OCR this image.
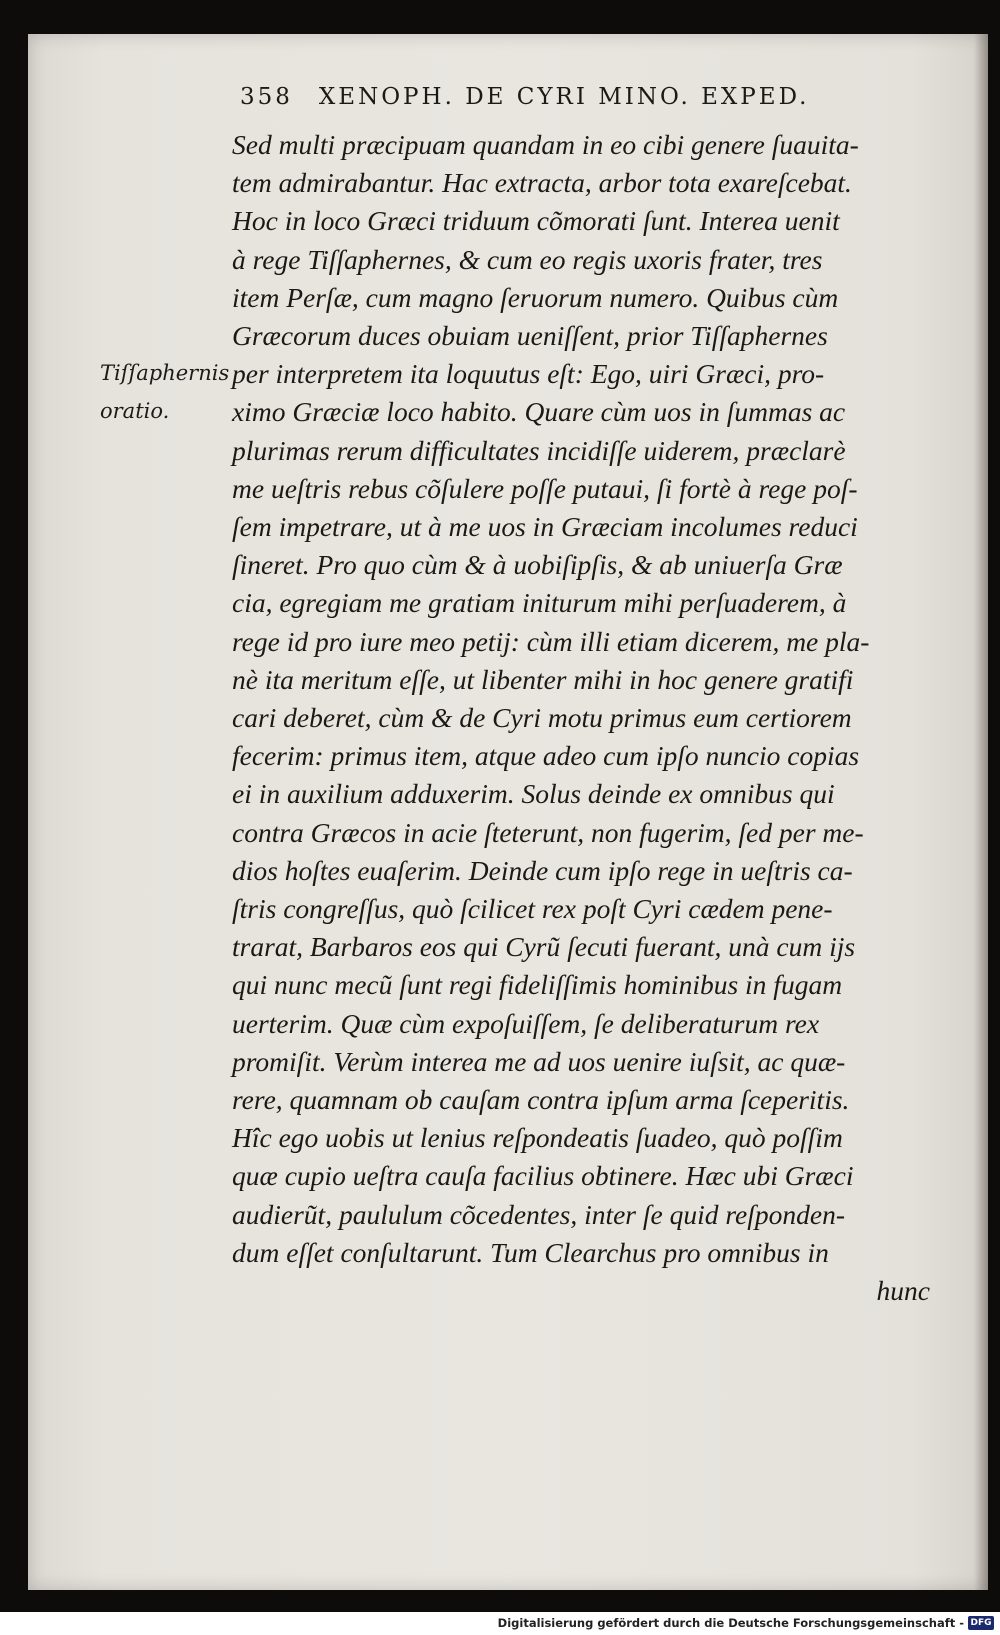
358 XENOPH. DE CYRI MINO. EXPED.
Tiſſaphernis
oratio.
Sed multi præcipuam quandam in eo cibi genere ſuauita-
tem admirabantur. Hac extracta, arbor tota exareſcebat.
Hoc in loco Græci triduum cõmorati ſunt. Interea uenit
à rege Tiſſaphernes, & cum eo regis uxoris frater, tres
item Perſæ, cum magno ſeruorum numero. Quibus cùm
Græcorum duces obuiam ueniſſent, prior Tiſſaphernes
per interpretem ita loquutus eſt: Ego, uiri Græci, pro-
ximo Græciæ loco habito. Quare cùm uos in ſummas ac
plurimas rerum difficultates incidiſſe uiderem, præclarè
me ueſtris rebus cõſulere poſſe putaui, ſi fortè à rege poſ-
ſem impetrare, ut à me uos in Græciam incolumes reduci
ſineret. Pro quo cùm & à uobiſipſis, & ab uniuerſa Græ
cia, egregiam me gratiam initurum mihi perſuaderem, à
rege id pro iure meo petij: cùm illi etiam dicerem, me pla-
nè ita meritum eſſe, ut libenter mihi in hoc genere gratifi
cari deberet, cùm & de Cyri motu primus eum certiorem
fecerim: primus item, atque adeo cum ipſo nuncio copias
ei in auxilium adduxerim. Solus deinde ex omnibus qui
contra Græcos in acie ſteterunt, non fugerim, ſed per me-
dios hoſtes euaſerim. Deinde cum ipſo rege in ueſtris ca-
ſtris congreſſus, quò ſcilicet rex poſt Cyri cædem pene-
trarat, Barbaros eos qui Cyrũ ſecuti fuerant, unà cum ijs
qui nunc mecũ ſunt regi fideliſſimis hominibus in fugam
uerterim. Quæ cùm expoſuiſſem, ſe deliberaturum rex
promiſit. Verùm interea me ad uos uenire iuſsit, ac quæ-
rere, quamnam ob cauſam contra ipſum arma ſceperitis.
Hîc ego uobis ut lenius reſpondeatis ſuadeo, quò poſſim
quæ cupio ueſtra cauſa facilius obtinere. Hæc ubi Græci
audierũt, paululum cõcedentes, inter ſe quid reſponden-
dum eſſet conſultarunt. Tum Clearchus pro omnibus in
hunc
Digitalisierung gefördert durch die Deutsche Forschungsgemeinschaft - DFG
